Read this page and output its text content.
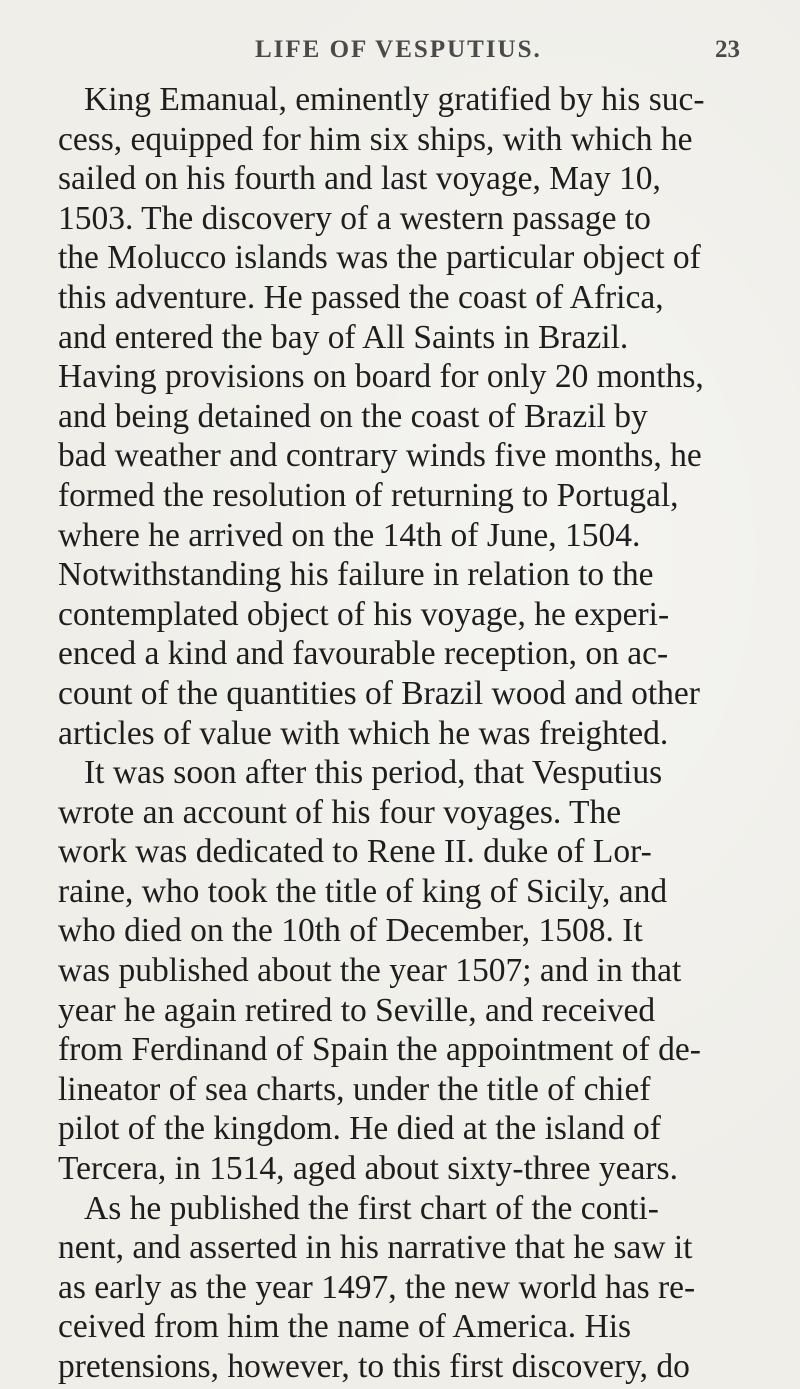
LIFE OF VESPUTIUS.	23
King Emanual, eminently gratified by his suc-
cess, equipped for him six ships, with which he
sailed on his fourth and last voyage, May 10,
1503. The discovery of a western passage to
the Molucco islands was the particular object of
this adventure. He passed the coast of Africa,
and entered the bay of All Saints in Brazil.
Having provisions on board for only 20 months,
and being detained on the coast of Brazil by
bad weather and contrary winds five months, he
formed the resolution of returning to Portugal,
where he arrived on the 14th of June, 1504.
Notwithstanding his failure in relation to the
contemplated object of his voyage, he experi-
enced a kind and favourable reception, on ac-
count of the quantities of Brazil wood and other
articles of value with which he was freighted.
It was soon after this period, that Vesputius
wrote an account of his four voyages. The
work was dedicated to Rene II. duke of Lor-
raine, who took the title of king of Sicily, and
who died on the 10th of December, 1508. It
was published about the year 1507; and in that
year he again retired to Seville, and received
from Ferdinand of Spain the appointment of de-
lineator of sea charts, under the title of chief
pilot of the kingdom. He died at the island of
Tercera, in 1514, aged about sixty-three years.
As he published the first chart of the conti-
nent, and asserted in his narrative that he saw it
as early as the year 1497, the new world has re-
ceived from him the name of America. His
pretensions, however, to this first discovery, do
